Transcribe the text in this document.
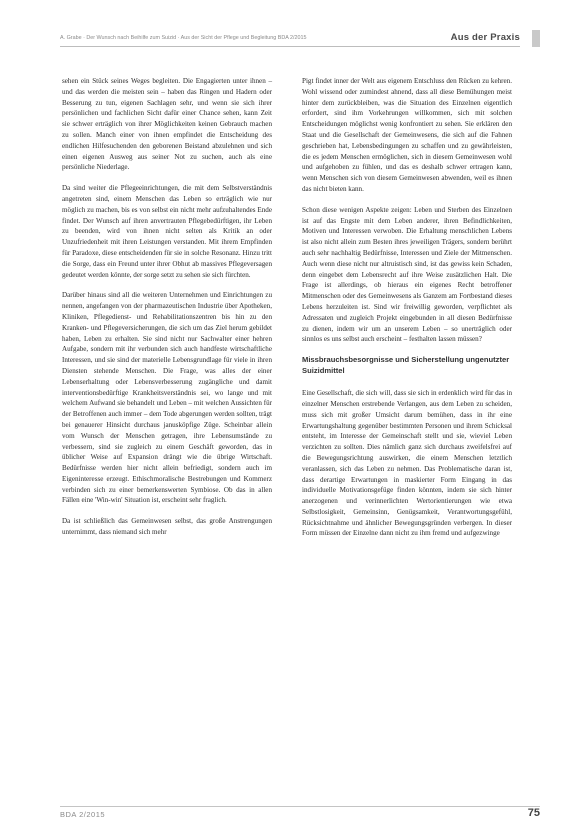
A. Grabe · Der Wunsch nach Beihilfe zum Suizid · Aus der Sicht der Pflege und Begleitung BDA 2/2015	Aus der Praxis

sehen ein Stück seines Weges begleiten. Die Engagierten unter ihnen – und das werden die meisten sein – haben das Ringen und Hadern oder Besserung zu tun, eigenen Sachlagen sehr, und wenn sie sich ihrer persönlichen und fachlichen Sicht dafür einer Chance sehen, kann Zeit sie schwer erträglich von ihrer Möglichkeiten keinen Gebrauch machen zu sollen. Manch einer von ihnen empfindet die Entscheidung des endlichen Hilfesuchenden den geborenen Beistand abzulehnen und sich einen eigenen Ausweg aus seiner Not zu suchen, auch als eine persönliche Niederlage.

Da sind weiter die Pflegeeinrichtungen, die mit dem Selbstverständnis angetreten sind, einem Menschen das Leben so erträglich wie nur möglich zu machen, bis es von selbst ein nicht mehr aufzuhaltendes Ende findet. Der Wunsch auf ihren anvertrauten Pflegebedürftigen, ihr Leben zu beenden, wird von ihnen nicht selten als Kritik an oder Unzufriedenheit mit ihren Leistungen verstanden. Mit ihrem Empfinden für Paradoxe, diese entscheidenden für sie in solche Resonanz. Hinzu tritt die Sorge, dass ein Freund unter ihrer Obhut ab massives Pflegeversagen gedeutet werden könnte, der sorge setzt zu sehen sie sich fürchten.

Darüber hinaus sind all die weiteren Unternehmen und Einrichtungen zu nennen, angefangen von der pharmazeutischen Industrie über Apotheken, Kliniken, Pflegedienst- und Rehabilitationszentren bis hin zu den Kranken- und Pflegeversicherungen, die sich um das Ziel herum gebildet haben, Leben zu erhalten. Sie sind nicht nur Sachwalter einer hehren Aufgabe, sondern mit ihr verbunden sich auch handfeste wirtschaftliche Interessen, und sie sind der materielle Lebensgrundlage für viele in ihren Diensten stehende Menschen. Die Frage, was alles der einer Lebenserhaltung oder Lebensverbesserung zugängliche und damit interventionsbedürftige Krankheitsverständnis sei, wo lange und mit welchem Aufwand sie behandelt und Leben – mit welchen Aussichten für der Betroffenen auch immer – dem Tode abgerungen werden sollten, trägt bei genauerer Hinsicht durchaus janusköpfige Züge. Scheinbar allein vom Wunsch der Menschen getragen, ihre Lebensumstände zu verbessern, sind sie zugleich zu einem Geschäft geworden, das in üblicher Weise auf Expansion drängt wie die übrige Wirtschaft. Bedürfnisse werden hier nicht allein befriedigt, sondern auch im Eigeninteresse erzeugt. Ethischmoralische Bestrebungen und Kommerz verbinden sich zu einer bemerkenswerten Symbiose. Ob das in allen Fällen eine 'Win-win' Situation ist, erscheint sehr fraglich.

Da ist schließlich das Gemeinwesen selbst, das große Anstrengungen unternimmt, dass niemand sich mehr

Pigt findet inner der Welt aus eigenem Entschluss den Rücken zu kehren. Wohl wissend oder zumindest ahnend, dass all diese Bemühungen meist hinter dem zurückbleiben, was die Situation des Einzelnen eigentlich erfordert, sind ihm Vorkehrungen willkommen, sich mit solchen Entscheidungen möglichst wenig konfrontiert zu sehen. Sie erklären den Staat und die Gesellschaft der Gemeinwesens, die sich auf die Fahnen geschrieben hat, Lebensbedingungen zu schaffen und zu gewährleisten, die es jedem Menschen ermöglichen, sich in diesem Gemeinwesen wohl und aufgehoben zu fühlen, und das es deshalb schwer ertragen kann, wenn Menschen sich von diesem Gemeinwesen abwenden, weil es ihnen das nicht bieten kann.

Schon diese wenigen Aspekte zeigen: Leben und Sterben des Einzelnen ist auf das Engste mit dem Leben anderer, ihren Befindlichkeiten, Motiven und Interessen verwoben. Die Erhaltung menschlichen Lebens ist also nicht allein zum Besten ihres jeweiligen Trägers, sondern berührt auch sehr nachhaltig Bedürfnisse, Interessen und Ziele der Mitmenschen. Auch wenn diese nicht nur altruistisch sind, ist das gewiss kein Schaden, denn eingebet dem Lebensrecht auf ihre Weise zusätzlichen Halt. Die Frage ist allerdings, ob hieraus ein eigenes Recht betroffener Mitmenschen oder des Gemeinwesens als Ganzem am Fortbestand dieses Lebens herzuleiten ist. Sind wir freiwillig geworden, verpflichtet als Adressaten und zugleich Projekt eingebunden in all diesen Bedürfnisse zu dienen, indem wir um an unserem Leben – so unerträglich oder sinnlos es uns selbst auch erscheint – festhalten lassen müssen?

Missbrauchsbesorgnisse und Sicherstellung ungenutzter Suizidmittel

Eine Gesellschaft, die sich will, dass sie sich in erdenklich wird für das in einzelner Menschen erstrebende Verlangen, aus dem Leben zu scheiden, muss sich mit großer Umsicht darum bemühen, dass in ihr eine Erwartungshaltung gegenüber bestimmten Personen und ihrem Schicksal entsteht, im Interesse der Gemeinschaft stellt und sie, wieviel Leben verzichten zu sollten. Dies nämlich ganz sich durchaus zweifelsfrei auf die Bewegungsrichtung auswirken, die einem Menschen letztlich veranlassen, sich das Leben zu nehmen. Das Problematische daran ist, dass derartige Erwartungen in maskierter Form Eingang in das individuelle Motivationsgefüge finden könnten, indem sie sich hinter anerzogenen und verinnerlichten Wertorientierungen wie etwa Selbstlosigkeit, Gemeinsinn, Genügsamkeit, Verantwortungsgefühl, Rücksichtnahme und ähnlicher Bewegungsgründen verbergen. In dieser Form müssen der Einzelne dann nicht zu ihm fremd und aufgezwinge

BDA 2/2015	75
